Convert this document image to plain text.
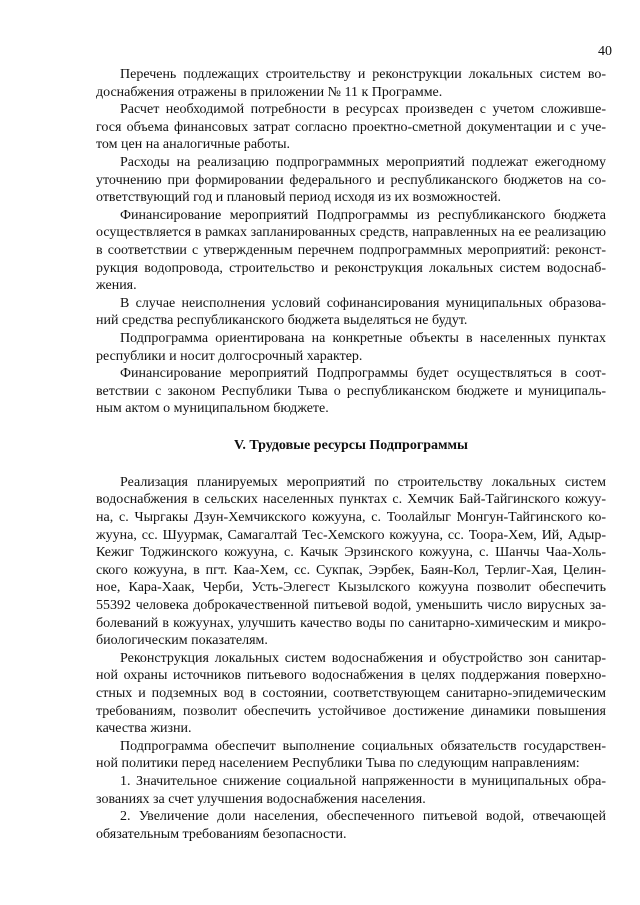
40

Перечень подлежащих строительству и реконструкции локальных систем во-доснабжения отражены в приложении № 11 к Программе.

Расчет необходимой потребности в ресурсах произведен с учетом сложивше-гося объема финансовых затрат согласно проектно-сметной документации и с уче-том цен на аналогичные работы.

Расходы на реализацию подпрограммных мероприятий подлежат ежегодному уточнению при формировании федерального и республиканского бюджетов на со-ответствующий год и плановый период исходя из их возможностей.

Финансирование мероприятий Подпрограммы из республиканского бюджета осуществляется в рамках запланированных средств, направленных на ее реализацию в соответствии с утвержденным перечнем подпрограммных мероприятий: реконст-рукция водопровода, строительство и реконструкция локальных систем водоснаб-жения.

В случае неисполнения условий софинансирования муниципальных образова-ний средства республиканского бюджета выделяться не будут.

Подпрограмма ориентирована на конкретные объекты в населенных пунктах республики и носит долгосрочный характер.

Финансирование мероприятий Подпрограммы будет осуществляться в соот-ветствии с законом Республики Тыва о республиканском бюджете и муниципаль-ным актом о муниципальном бюджете.

V. Трудовые ресурсы Подпрограммы

Реализация планируемых мероприятий по строительству локальных систем водоснабжения в сельских населенных пунктах с. Хемчик Бай-Тайгинского кожуу-на, с. Чыргакы Дзун-Хемчикского кожууна, с. Тоолайлыг Монгун-Тайгинского ко-жууна, сс. Шуурмак, Самагалтай Тес-Хемского кожууна, сс. Тоора-Хем, Ий, Адыр-Кежиг Тоджинского кожууна, с. Качык Эрзинского кожууна, с. Шанчы Чаа-Холь-ского кожууна, в пгт. Каа-Хем, сс. Сукпак, Ээрбек, Баян-Кол, Терлиг-Хая, Целин-ное, Кара-Хаак, Черби, Усть-Элегест Кызылского кожууна позволит обеспечить 55392 человека доброкачественной питьевой водой, уменьшить число вирусных за-болеваний в кожуунах, улучшить качество воды по санитарно-химическим и микро-биологическим показателям.

Реконструкция локальных систем водоснабжения и обустройство зон санитар-ной охраны источников питьевого водоснабжения в целях поддержания поверхно-стных и подземных вод в состоянии, соответствующем санитарно-эпидемическим требованиям, позволит обеспечить устойчивое достижение динамики повышения качества жизни.

Подпрограмма обеспечит выполнение социальных обязательств государствен-ной политики перед населением Республики Тыва по следующим направлениям:

1. Значительное снижение социальной напряженности в муниципальных обра-зованиях за счет улучшения водоснабжения населения.

2. Увеличение доли населения, обеспеченного питьевой водой, отвечающей обязательным требованиям безопасности.
